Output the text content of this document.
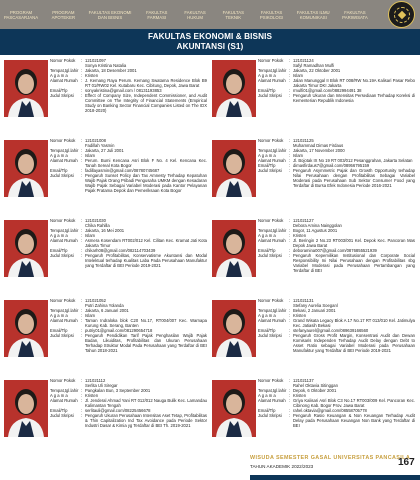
PROGRAM
PASCASARJANA
PROGRAM
APOTEKER
FAKULTAS EKONOMI
DAN BISNIS
FAKULTAS
FARMASI
FAKULTAS
HUKUM
FAKULTAS
TEKNIK
FAKULTAS
PSIKOLOGI
FAKULTAS ILMU
KOMUNIKASI
FAKULTAS
PARIWISATA
FAKULTAS EKONOMI & BISNIS
AKUNTANSI (S1)
Nomor Pokok	: 121021097
Sonya Kristina Natalia
Tempat,tgl.lahir : Jakarta, 18 Desember 2001
A g a m a	: Kristen
Alamat Rumah : J. Kemang Raya Perum. Kemang Swatama Residence Blok B9 RT 01/RW02 Kel. Kutabaru Kec. Cibitung, Depok, Jawa Barat
Email/Tlp	: sonyakristina@gmail.com / 08131193853
Judul Skripsi	: Effect of Company Size, Independent Commissioner, and Audit Committee on The Integrity of Financial Statements (Empirical Study on Banking Sector Financial Companies Listed on The IDX 2018-2020)
Nomor Pokok	: 121021124
Safyl Ramadhan Mulfi
Tempat,tgl.lahir : Jakarta, 22 Oktober 2001
A g a m a	: Islam
Alamat Rumah : Jalan Manunggal II Blok RT 008/RW No.19A Kalisari Pasar Rebo Jakarta Timur DKI Jakarta
Email/Tlp	: rmulfi01@gmail.com/0882994491 38
Judul Skripsi	: Pengaruh Ukuran dan Intensitas Persediaan Terhadap Koreksi di Kementerian Republik Indonesia
Nomor Pokok	: 121021008
Fadillah Yasmin
Tempat,tgl.lahir : Jakarta, 27 Juli 2001
A g a m a	: Islam
Alamat Rumah : Perum. Bumi Kencana Asri Blok F No. 4 Kel. Kencana Kec. Tanah Sereal Kota Bogor
Email/Tlp	: fadillayasmin@gmail.com/08780745687
Judul Skripsi	: Pengaruh Sunset Policy dan Tax Amnesty Terhadap Kepatuhan Wajib Pajak Orang Pribadi Pengusaha UMKM dengan Kesadaran Wajib Pajak Sebagai Variabel Moderasi pada Kantor Pelayanan Pajak Pratama Depok dan Pemeriksaan Kota Bogor
Nomor Pokok	: 121021125
Muhammad Dimas Firdaus
Tempat,tgl.lahir : Jakarta, 17 November 2000
A g a m a	: Islam
Alamat Rumah : Jl. Bojotak IX No 19 RT 003/012 Pesanggrahan, Jakarta Selatan
Email/Tlp	: dimasfirdaus7@gmail.com/08956795159
Judul Skripsi	: Pengaruh Asymmetric Pajak dan Growth Opportunity terhadap Nilai Perusahaan dengan Profitabilitas Sebagai Variabel Moderasi pada Perusahaan Sub Sektor Consumer Food yang Terdaftar di Bursa Efek Indonesia Periode 2016-2021
Nomor Pokok	: 121021030
Chika Rahilla
Tempat,tgl.lahir : Jakarta, 16 Mei 2001
A g a m a	: Islam
Alamat Rumah : Asmera Kosendam RT002/012 Kel. Cilitan Kec. Kramat Jati Kota Jakarta Timur
Email/Tlp	: chikarh08@gmail.com/082114703439
Judul Skripsi	: Pengaruh Profitabilitas, Konservatisme Akuntansi dan Modal Intelektual terhadap Kualitas Laba Pada Perusahaan Manufaktur yang Terdaftar di BEI Periode 2019-2021
Nomor Pokok	: 121021127
Debora Amina Nainggolan
Tempat,tgl.lahir : Bogor, 11 Agustus 2001
A g a m a	: Kristen
Alamat Rumah : Jl. Beringin 2 No.23 RT003/001 Kel. Depok Kec. Pancoran Mas Depok Jawa Barat
Email/Tlp	: deboramina007@gmail.com/0876855521939
Judul Skripsi	: Pengaruh Kepemilikan Institusional dan Corporate Social Responsibility Ini Nilai Perusahaan dengan Profitabilitas sbg Variabel Moderasi pada Perusahaan Pertambangan yang Terdaftar di BEI
Nomor Pokok	: 121021052
Putri Zahina Yolanda
Tempat,tgl.lahir : Jakarta, 6 Januari 2001
A g a m a	: Islam
Alamat Rumah : Taman Indraloka blok C20 No.17, RT004/007 Kec. Warnapa Kurung Kab. Serang, Banten
Email/Tlp	: putriy01@gmail.com/081290654718
Judul Skripsi	: Pengaruh Pendidikan Tarif Pajak Penghasilan Wajib Pajak Badan, Likuiditas, Profitabilitas dan Ukuran Perusahaan Terhadap Struktur Modal Pada Perusahaan yang Terdaftar di BEI Tahun 2018-2021
Nomor Pokok	: 121021131
Stefany Aurelia Soeganl
Tempat,tgl.lahir : Bekasi, 2 Januari 2001
A g a m a	: Kristen
Alamat Rumah : Grand Wisata Legacy Blok A 17 No.17 RT 013/010 Kel. Jatimulya Kec. Jatiasih Bekasi
Email/Tlp	: stefanyaurel@gmail.com/089639166560
Judul Skripsi	: Pengaruh Gross Profit Margin, Konsentrasi Audit dan Dewan Komisaris Independen Terhadap Audit Delay dengan Debt to Asset Ratio sebagai Variabel Moderasi pada Perusahaan Manufaktur yang Terdaftar di BEI Periode 2019-2021
Nomor Pokok	: 121021112
Serlita Uli Siregar
Tempat,tgl.lahir : Pangkalan Bun, 3 September 2001
A g a m a	: Kristen
Alamat Rumah : Jl. Jenderal Ahmad Yani RT 012/012 Nauga Bulik Kec. Lamandau Kalimantan Tengah
Email/Tlp	: serlitauli@gmail.com/08225456678
Judul Skripsi	: Pengaruh Ukuran Perusahaan Intensitas Aset Tetap, Profitabilitas & Thin Capitalization Ind Tax Avoidance pada Periode Sektor Industri Dasar & Kimia yg Terdaftar di BEI Th. 2019-2021
Nomor Pokok	: 121021137
Rahel Oktavia Sitinggan
Tempat,tgl.lahir : Depok, 6 Oktober 2001
A g a m a	: Kristen
Alamat Rumah : Griya Kalisari Asri Blok C3 No.17 RT003/009 Kel. Pancoran Kec. Cibinong Kab. Bogor Prov. Jawa Barat
Email/Tlp	: rahel.oktavia@gmail.com/08558705778
Judul Skripsi	: Pengaruh Rasio Keuangan & Non Keuangan Terhadap Audit Delay pada Perusahaan Keuangan Non Bank yang Terdaftar di BEI
WISUDA SEMESTER GASAL UNIVERSITAS PANCASILA
TAHUN AKADEMIK 2022/2023	167
